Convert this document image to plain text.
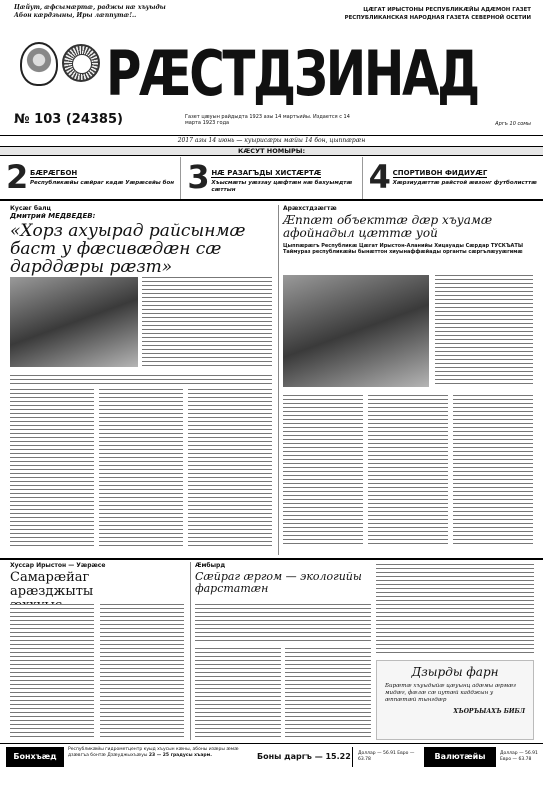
Цӕйут, ӕфсымӕртӕ, раджы нӕ хъуыды Абон кӕрдзыны, Иры лӕппутӕ!..
ЦӔГАТ ИРЫСТОНЫ РЕСПУБЛИКӔЙЫ АДӔМОН ГАЗЕТ
РЕСПУБЛИКАНСКАЯ НАРОДНАЯ ГАЗЕТА СЕВЕРНОЙ ОСЕТИИ
РӔСТДЗИНАД
№ 103 (24385)	Газет цӕуын райдыдта 1923 азы 14 мартъийы. Издается с 14 марта 1923 года	Аргъ 10 сомы
2017 азы 14 июнь — куырисӕры мӕйы 14 бон, цыппӕрӕн
КӔСУТ НОМЫРЫ:
2 БӔРӔГБОН
Республикӕйы сӕйраг кадӕ Уӕрӕсейы бон 3 НӔ РАЗАГЪДЫ ХИСТӔРТӔ
Хъысмӕты уӕззау цӕфтӕн нӕ бахуымдтӕ сӕттын	4 СПОРТИВОН ФИДИУӔГ
Хӕрзиудӕттӕ райстой ӕвзонг футболисттӕ
Кусӕг балц
Дмитрий МЕДВЕДЕВ:
«Хорз ахуырад райсынмӕ баст у фӕсивӕдӕн сӕ дарддӕры рӕзт»
Арӕхстдзӕгтӕ
Ӕппӕт объекттӕ дӕр хъуамӕ афойнадыл цӕттӕ уой
Цыппӕрӕгъ Республикӕ Цӕгат Ирыстон-Аланийы Хицауады Сӕрдар ТУСКЪАТЫ Таймураз республикӕйы бынӕттон хиуынаффӕйады органты сӕргълӕууӕгимӕ
Хуссар Ирыстон — Уӕрӕсе
Самарӕйаг арӕзджыты
Ӕмбырд
Сӕйраг ӕргом — экологийы фарстатӕн
Дзырды фарн
Бирӕтӕ хъуыдыйӕ цӕуынц адӕмы ӕрмӕг мидӕг, фӕлӕ сӕ иутӕй кадджын у ӕппӕтӕй тынгдӕр
ХЪОРЪЫАХЪ БИБЛ
Бонхъӕд
Республикӕйы гидрометцентр куыд хъусын кӕны, абоны изӕры ӕмӕ дзӕвгъа бонтӕ Дзӕуджыхъӕуы 23 — 25 градусы хъарм.	Боны даргъ — 15.22	Доллар — 56.91 Евро — 63.78	Валютӕйы аргъ
Доллар — 56.91 Евро — 63.78
